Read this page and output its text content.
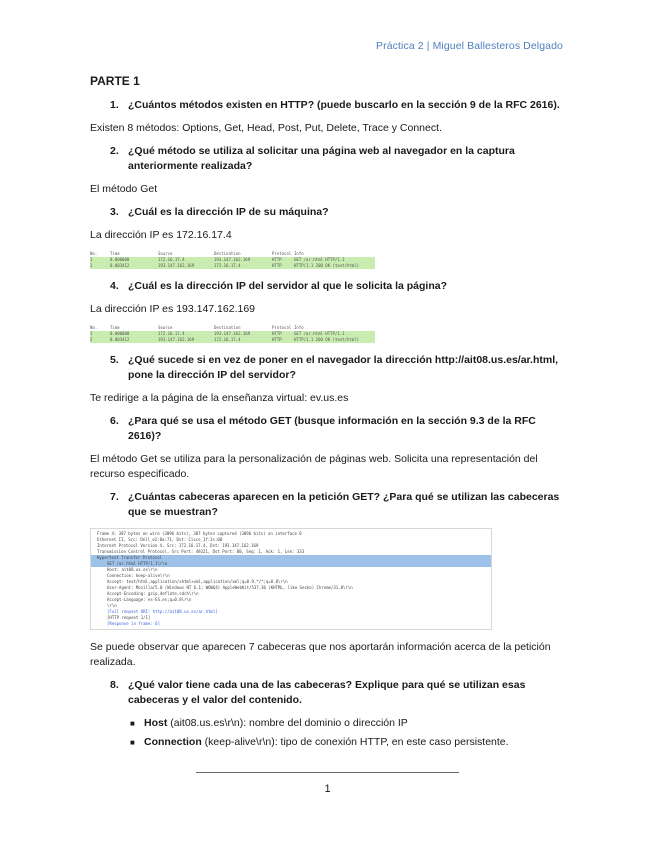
Práctica 2 | Miguel Ballesteros Delgado
PARTE 1
1. ¿Cuántos métodos existen en HTTP? (puede buscarlo en la sección 9 de la RFC 2616).
Existen 8 métodos: Options, Get, Head, Post, Put, Delete, Trace y Connect.
2. ¿Qué método se utiliza al solicitar una página web al navegador en la captura anteriormente realizada?
El método Get
3. ¿Cuál es la dirección IP de su máquina?
La dirección IP es 172.16.17.4
No.	Time	Source	Destination	Protocol Info
1	0.000000	172.16.17.4	193.147.162.169	HTTP	GET /ar.html HTTP/1.1
2	0.003412	193.147.162.169	172.16.17.4	HTTP	HTTP/1.1 200 OK (text/html)
4. ¿Cuál es la dirección IP del servidor al que le solicita la página?
La dirección IP es 193.147.162.169
No.	Time	Source	Destination	Protocol Info
1	0.000000	172.16.17.4	193.147.162.169	HTTP	GET /ar.html HTTP/1.1
2	0.003412	193.147.162.169	172.16.17.4	HTTP	HTTP/1.1 200 OK (text/html)
5. ¿Qué sucede si en vez de poner en el navegador la dirección http://ait08.us.es/ar.html, pone la dirección IP del servidor?
Te redirige a la página de la enseñanza virtual: ev.us.es
6. ¿Para qué se usa el método GET (busque información en la sección 9.3 de la RFC 2616)?
El método Get se utiliza para la personalización de páginas web. Solicita una representación del recurso especificado.
7. ¿Cuántas cabeceras aparecen en la petición GET? ¿Para qué se utilizan las cabeceras que se muestran?
Frame 4: 387 bytes on wire (3096 bits), 387 bytes captured (3096 bits) on interface 0
Ethernet II, Src: Dell_e2:8a:71, Dst: Cisco_1f:3c:00
Internet Protocol Version 4, Src: 172.16.17.4, Dst: 193.147.162.169
Transmission Control Protocol, Src Port: 49321, Dst Port: 80, Seq: 1, Ack: 1, Len: 333
Hypertext Transfer Protocol
GET /ar.html HTTP/1.1\r\n
Host: ait08.us.es\r\n
Connection: keep-alive\r\n
Accept: text/html,application/xhtml+xml,application/xml;q=0.9,*/*;q=0.8\r\n
User-Agent: Mozilla/5.0 (Windows NT 6.1; WOW64) AppleWebKit/537.36 (KHTML, like Gecko) Chrome/31.0\r\n
Accept-Encoding: gzip,deflate,sdch\r\n
Accept-Language: es-ES,es;q=0.8\r\n
\r\n
[Full request URI: http://ait08.us.es/ar.html]
[HTTP request 1/1]
[Response in frame: 6]
Se puede observar que aparecen 7 cabeceras que nos aportarán información acerca de la petición realizada.
8. ¿Qué valor tiene cada una de las cabeceras? Explique para qué se utilizan esas cabeceras y el valor del contenido.
■ Host (ait08.us.es\r\n): nombre del dominio o dirección IP
■ Connection (keep-alive\r\n): tipo de conexión HTTP, en este caso persistente.
1
